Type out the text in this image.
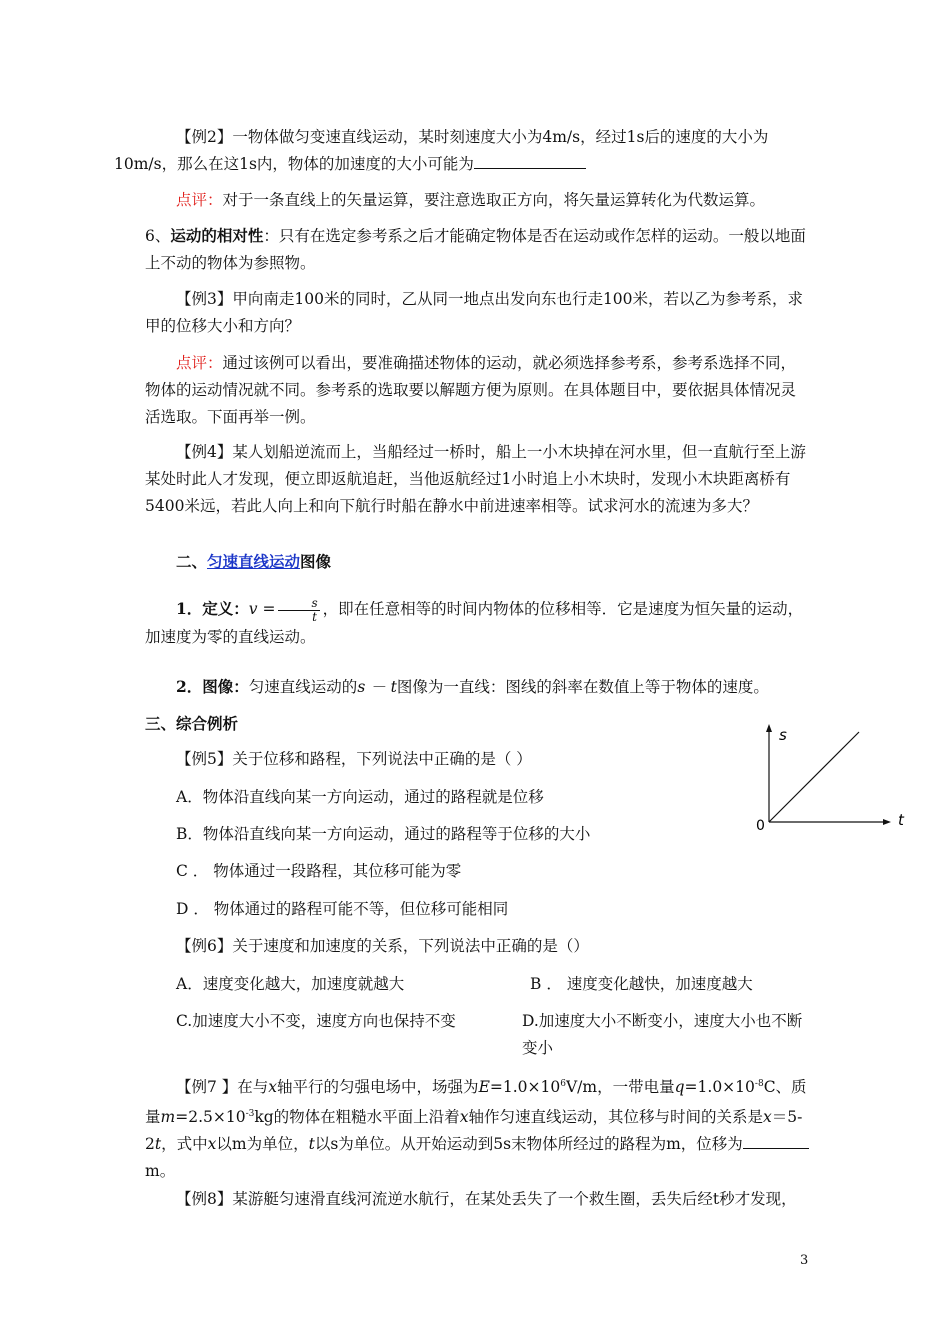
【例2】一物体做匀变速直线运动，某时刻速度大小为4m/s，经过1s后的速度的大小为
10m/s，那么在这1s内，物体的加速度的大小可能为

点评：对于一条直线上的矢量运算，要注意选取正方向，将矢量运算转化为代数运算。

6、运动的相对性：只有在选定参考系之后才能确定物体是否在运动或作怎样的运动。一般以地面上不动的物体为参照物。

【例3】甲向南走100米的同时，乙从同一地点出发向东也行走100米，若以乙为参考系，求甲的位移大小和方向？

点评：通过该例可以看出，要准确描述物体的运动，就必须选择参考系，参考系选择不同，物体的运动情况就不同。参考系的选取要以解题方便为原则。在具体题目中，要依据具体情况灵活选取。下面再举一例。

【例4】某人划船逆流而上，当船经过一桥时，船上一小木块掉在河水里，但一直航行至上游某处时此人才发现，便立即返航追赶，当他返航经过1小时追上小木块时，发现小木块距离桥有5400米远，若此人向上和向下航行时船在静水中前进速率相等。试求河水的流速为多大？

二、匀速直线运动图像

1．定义：$v = \frac{s}{t}$ ，即在任意相等的时间内物体的位移相等．它是速度为恒矢量的运动，加速度为零的直线运动。

2．图像：匀速直线运动的s － t图像为一直线：图线的斜率在数值上等于物体的速度。

三、综合例析

【例5】关于位移和路程，下列说法中正确的是（ ）

A．物体沿直线向某一方向运动，通过的路程就是位移

B．物体沿直线向某一方向运动，通过的路程等于位移的大小

C ． 物体通过一段路程，其位移可能为零

D ． 物体通过的路程可能不等，但位移可能相同

【例6】关于速度和加速度的关系，下列说法中正确的是（）

A．速度变化越大，加速度就越大	B ． 速度变化越快，加速度越大

C.加速度大小不变，速度方向也保持不变	D.加速度大小不断变小，速度大小也不断变小

【例7 】在与x轴平行的匀强电场中，场强为$E=1.0\times 10^6V/m$，一带电量$q=1.0\times 10^{-8}C$、质量$m=2.5\times 10^{-3}kg$的物体在粗糙水平面上沿着x轴作匀速直线运动，其位移与时间的关系是x＝5-2t，式中x以m为单位，t以s为单位。从开始运动到5s末物体所经过的路程为m，位移为m。

【例8】某游艇匀速滑直线河流逆水航行，在某处丢失了一个救生圈，丢失后经t秒才发现，

s
t
0
3
